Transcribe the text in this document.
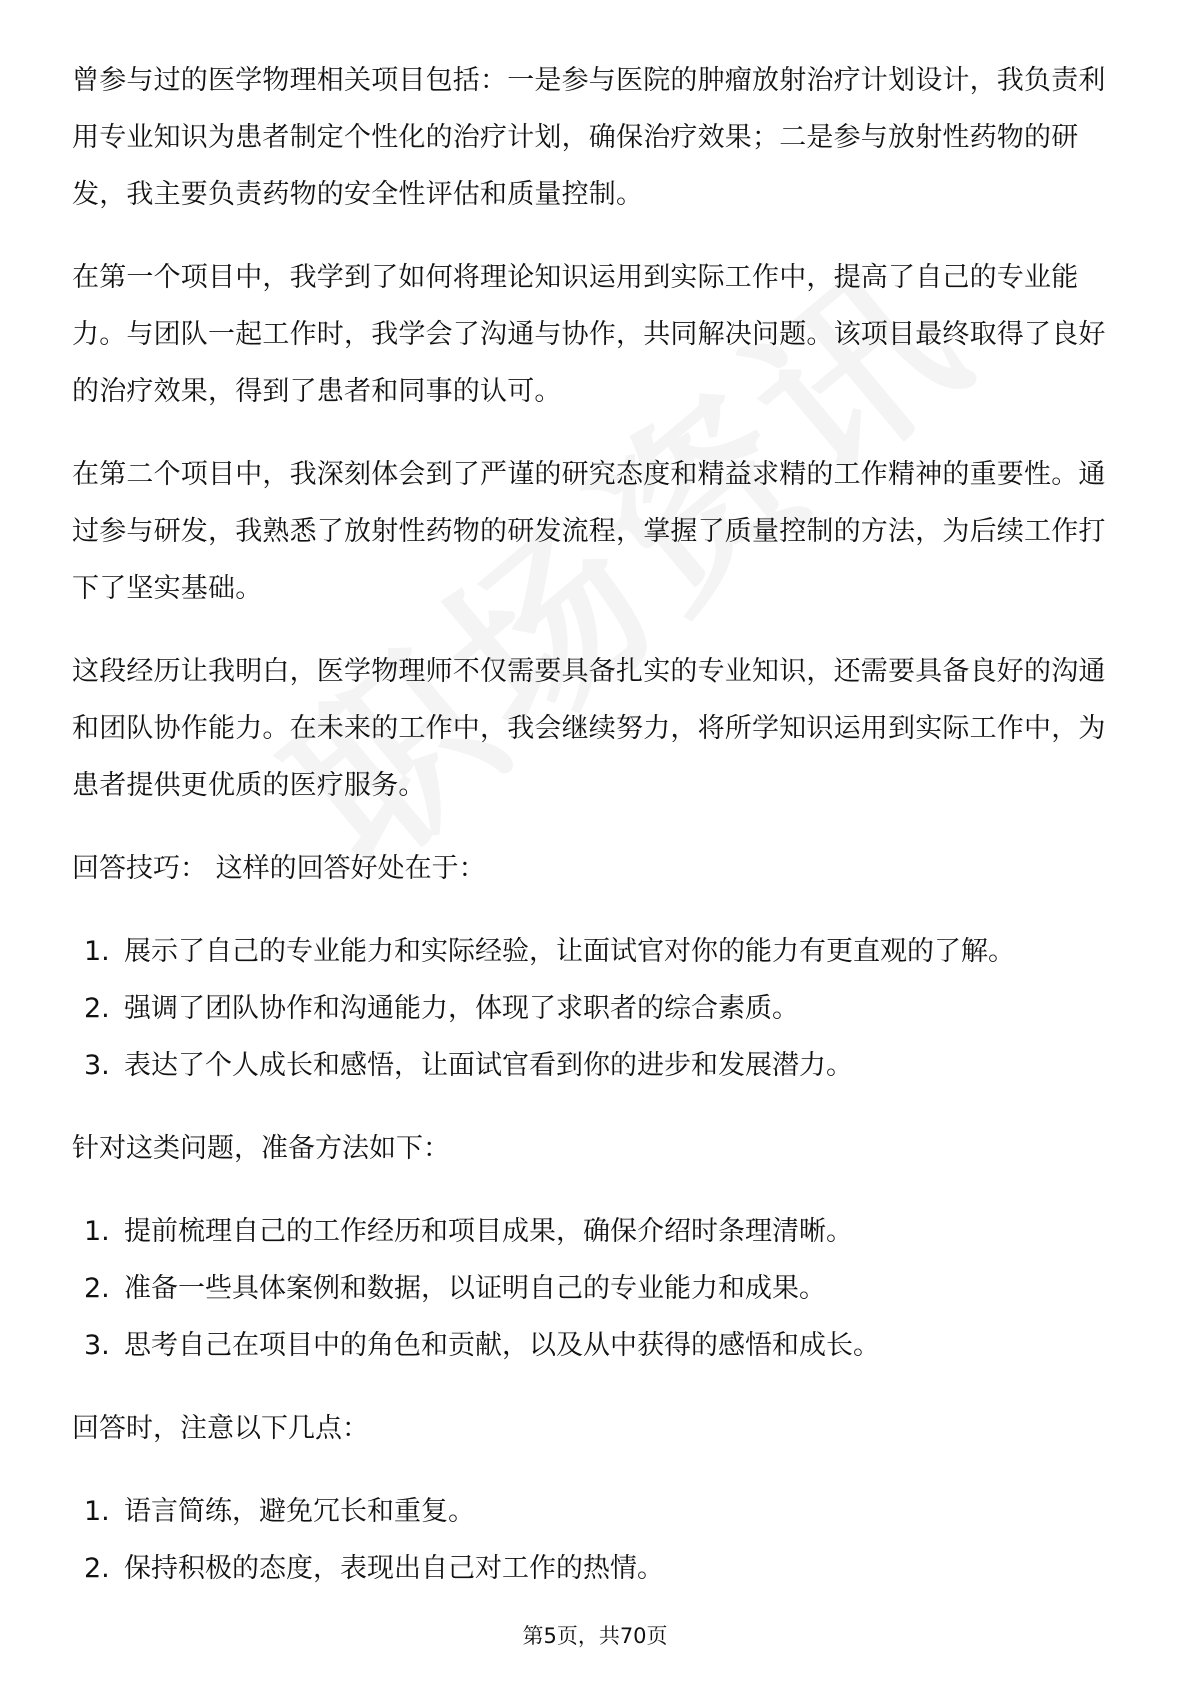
曾参与过的医学物理相关项目包括：一是参与医院的肿瘤放射治疗计划设计，我负责利用专业知识为患者制定个性化的治疗计划，确保治疗效果；二是参与放射性药物的研发，我主要负责药物的安全性评估和质量控制。

在第一个项目中，我学到了如何将理论知识运用到实际工作中，提高了自己的专业能力。与团队一起工作时，我学会了沟通与协作，共同解决问题。该项目最终取得了良好的治疗效果，得到了患者和同事的认可。

在第二个项目中，我深刻体会到了严谨的研究态度和精益求精的工作精神的重要性。通过参与研发，我熟悉了放射性药物的研发流程，掌握了质量控制的方法，为后续工作打下了坚实基础。

这段经历让我明白，医学物理师不仅需要具备扎实的专业知识，还需要具备良好的沟通和团队协作能力。在未来的工作中，我会继续努力，将所学知识运用到实际工作中，为患者提供更优质的医疗服务。

回答技巧： 这样的回答好处在于：
1. 展示了自己的专业能力和实际经验，让面试官对你的能力有更直观的了解。
2. 强调了团队协作和沟通能力，体现了求职者的综合素质。
3. 表达了个人成长和感悟，让面试官看到你的进步和发展潜力。
针对这类问题，准备方法如下：
1. 提前梳理自己的工作经历和项目成果，确保介绍时条理清晰。
2. 准备一些具体案例和数据，以证明自己的专业能力和成果。
3. 思考自己在项目中的角色和贡献，以及从中获得的感悟和成长。
回答时，注意以下几点：
1. 语言简练，避免冗长和重复。
2. 保持积极的态度，表现出自己对工作的热情。
第5页，共70页
